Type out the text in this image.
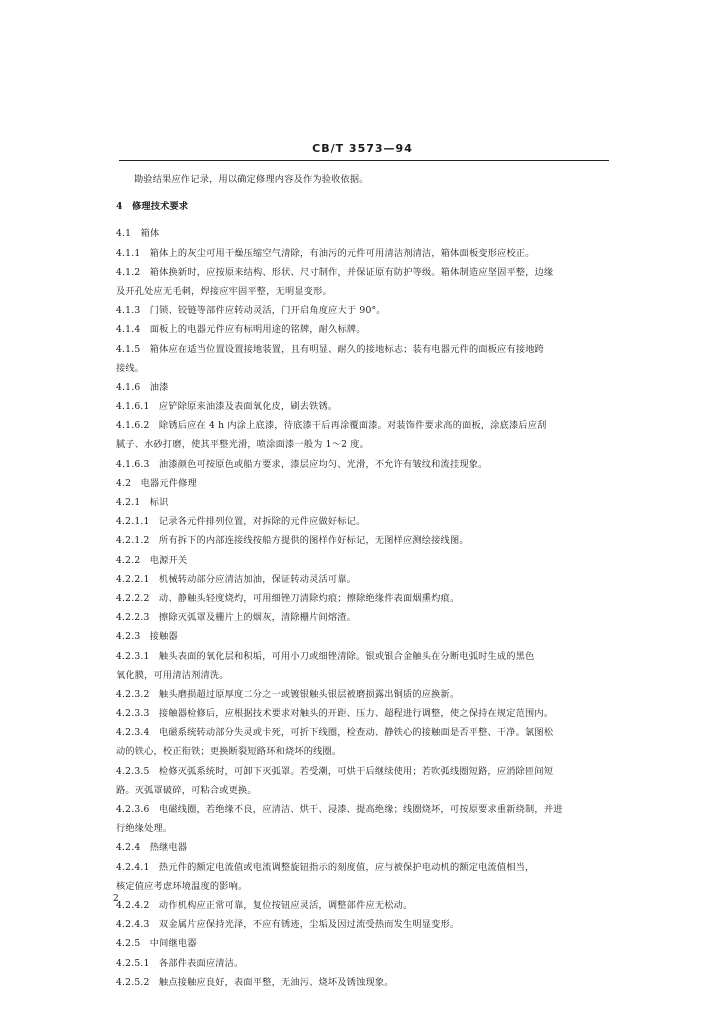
CB/T 3573—94
勘验结果应作记录，用以确定修理内容及作为验收依据。
4　修理技术要求
4.1　箱体
4.1.1　箱体上的灰尘可用干燥压缩空气清除，有油污的元件可用清洁剂清洁，箱体面板变形应校正。
4.1.2　箱体换新时，应按原来结构、形状、尺寸制作，并保证原有防护等级。箱体制造应坚固平整，边缘
及开孔处应无毛刺，焊接应牢固平整，无明显变形。
4.1.3　门锁、铰链等部件应转动灵活，门开启角度应大于 90°。
4.1.4　面板上的电器元件应有标明用途的铭牌，耐久标牌。
4.1.5　箱体应在适当位置设置接地装置，且有明显、耐久的接地标志；装有电器元件的面板应有接地跨
接线。
4.1.6　油漆
4.1.6.1　应铲除原来油漆及表面氧化皮，刷去铁锈。
4.1.6.2　除锈后应在 4 h 内涂上底漆，待底漆干后再涂覆面漆。对装饰件要求高的面板，涂底漆后应刮
腻子、水砂打磨，使其平整光滑，喷涂面漆一般为 1～2 度。
4.1.6.3　油漆颜色可按原色或船方要求，漆层应均匀、光滑，不允许有皱纹和流挂现象。
4.2　电器元件修理
4.2.1　标识
4.2.1.1　记录各元件排列位置，对拆除的元件应做好标记。
4.2.1.2　所有拆下的内部连接线按船方提供的图样作好标记，无图样应测绘接线图。
4.2.2　电源开关
4.2.2.1　机械转动部分应清洁加油，保证转动灵活可靠。
4.2.2.2　动、静触头轻度烧灼，可用细锉刀清除灼痕；擦除绝缘件表面烟熏灼痕。
4.2.2.3　擦除灭弧罩及栅片上的烟灰，清除栅片间熔渣。
4.2.3　接触器
4.2.3.1　触头表面的氧化层和积垢，可用小刀或细锉清除。银或银合金触头在分断电弧时生成的黑色
氧化膜，可用清洁剂清洗。
4.2.3.2　触头磨损超过原厚度二分之一或镀银触头银层被磨损露出铜质的应换新。
4.2.3.3　接触器检修后，应根据技术要求对触头的开距、压力、超程进行调整，使之保持在规定范围内。
4.2.3.4　电磁系统转动部分失灵或卡死，可折下线圈，检查动、静铁心的接触面是否平整、干净。氯图松
动的铁心，校正衔铁；更换断裂短路环和烧坏的线圈。
4.2.3.5　检修灭弧系统时，可卸下灭弧罩。若受潮，可烘干后继续使用；若吹弧线圈短路，应消除匝间短
路。灭弧罩破碎，可粘合或更换。
4.2.3.6　电磁线圈，若绝缘不良，应清洁、烘干、浸漆、提高绝缘；线圈烧坏，可按原要求重新绕制，并进
行绝缘处理。
4.2.4　热继电器
4.2.4.1　热元件的额定电流值或电流调整旋钮指示的刻度值，应与被保护电动机的额定电流值相当，
核定值应考虑环境温度的影响。
4.2.4.2　动作机构应正常可靠，复位按钮应灵活，调整部件应无松动。
4.2.4.3　双金属片应保持光泽，不应有锈迹，尘垢及因过流受热而发生明显变形。
4.2.5　中间继电器
4.2.5.1　各部件表面应清洁。
4.2.5.2　触点接触应良好，表面平整，无油污、烧坏及锈蚀现象。
2
